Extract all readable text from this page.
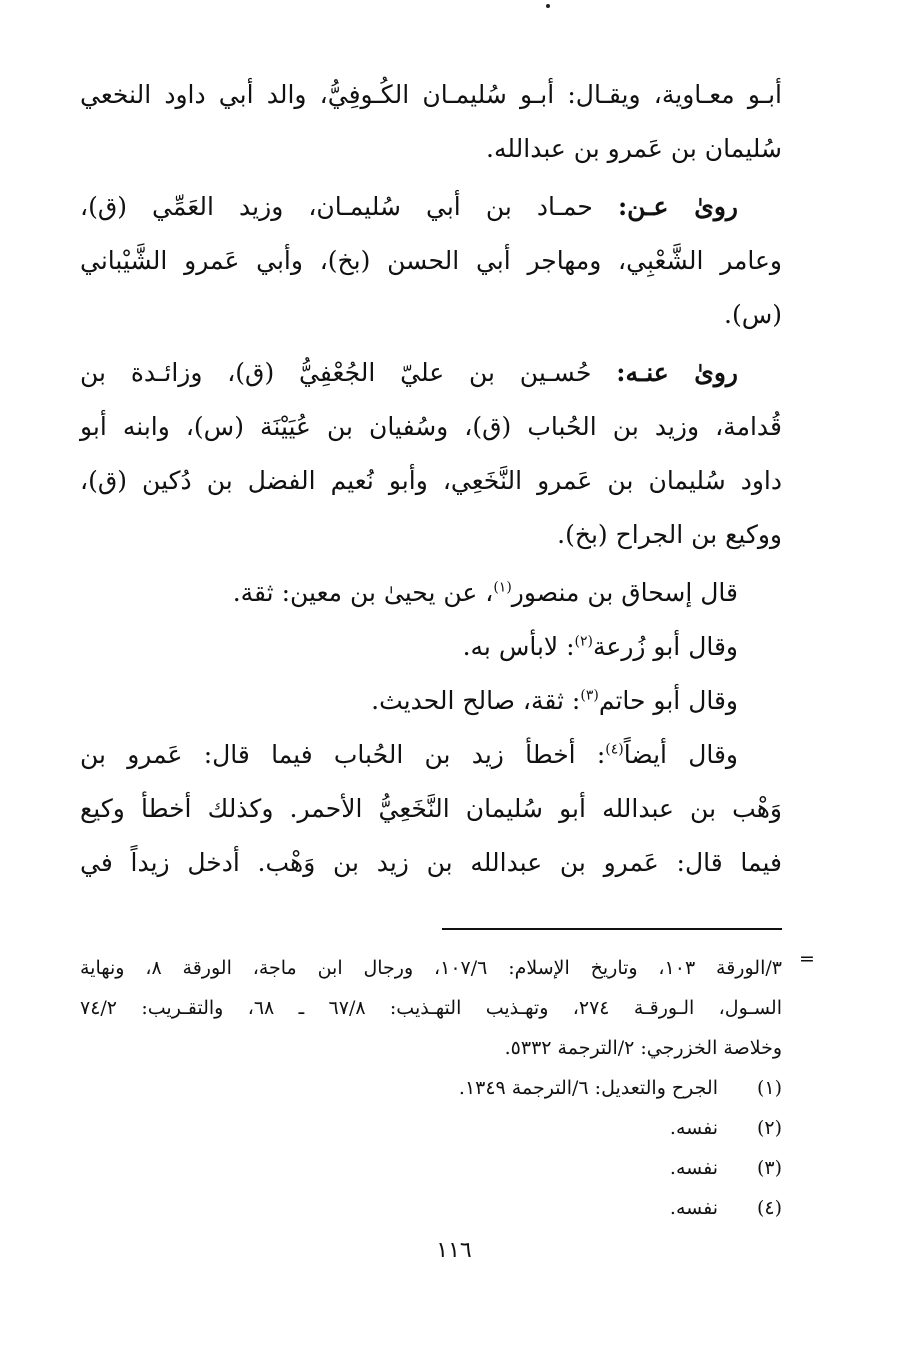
أبـو معـاوية، ويقـال: أبـو سُليمـان الكُـوفِيُّ، والد أبي داود النخعي
سُليمان بن عَمرو بن عبدالله.
روىٰ عـن: حمـاد بن أبي سُليمـان، وزيد العَمِّي (ق)،
وعامر الشَّعْبِي، ومهاجر أبي الحسن (بخ)، وأبي عَمرو الشَّيْباني
(س).
روىٰ عنـه: حُسـين بن عليّ الجُعْفِيُّ (ق)، وزائـدة بن
قُدامة، وزيد بن الحُباب (ق)، وسُفيان بن عُيَيْنَة (س)، وابنه أبو
داود سُليمان بن عَمرو النَّخَعِي، وأبو نُعيم الفضل بن دُكين (ق)،
ووكيع بن الجراح (بخ).
قال إسحاق بن منصور$^{(١)}$، عن يحيىٰ بن معين: ثقة.
وقال أبو زُرعة$^{(٢)}$: لابأس به.
وقال أبو حاتم$^{(٣)}$: ثقة، صالح الحديث.
وقال أيضاً$^{(٤)}$: أخطأ زيد بن الحُباب فيما قال: عَمرو بن
وَهْب بن عبدالله أبو سُليمان النَّخَعِيُّ الأحمر. وكذلك أخطأ وكيع
فيما قال: عَمرو بن عبدالله بن زيد بن وَهْب. أدخل زيداً في
=
٣/الورقة ١٠٣، وتاريخ الإسلام: ١٠٧/٦، ورجال ابن ماجة، الورقة ٨، ونهاية
السـول، الـورقـة ٢٧٤، وتهـذيب التهـذيب: ٦٧/٨ ـ ٦٨، والتقـريب: ٧٤/٢
وخلاصة الخزرجي: ٢/الترجمة ٥٣٣٢.
(١)الجرح والتعديل: ٦/الترجمة ١٣٤٩.
(٢)نفسه.
(٣)نفسه.
(٤)نفسه.
١١٦
